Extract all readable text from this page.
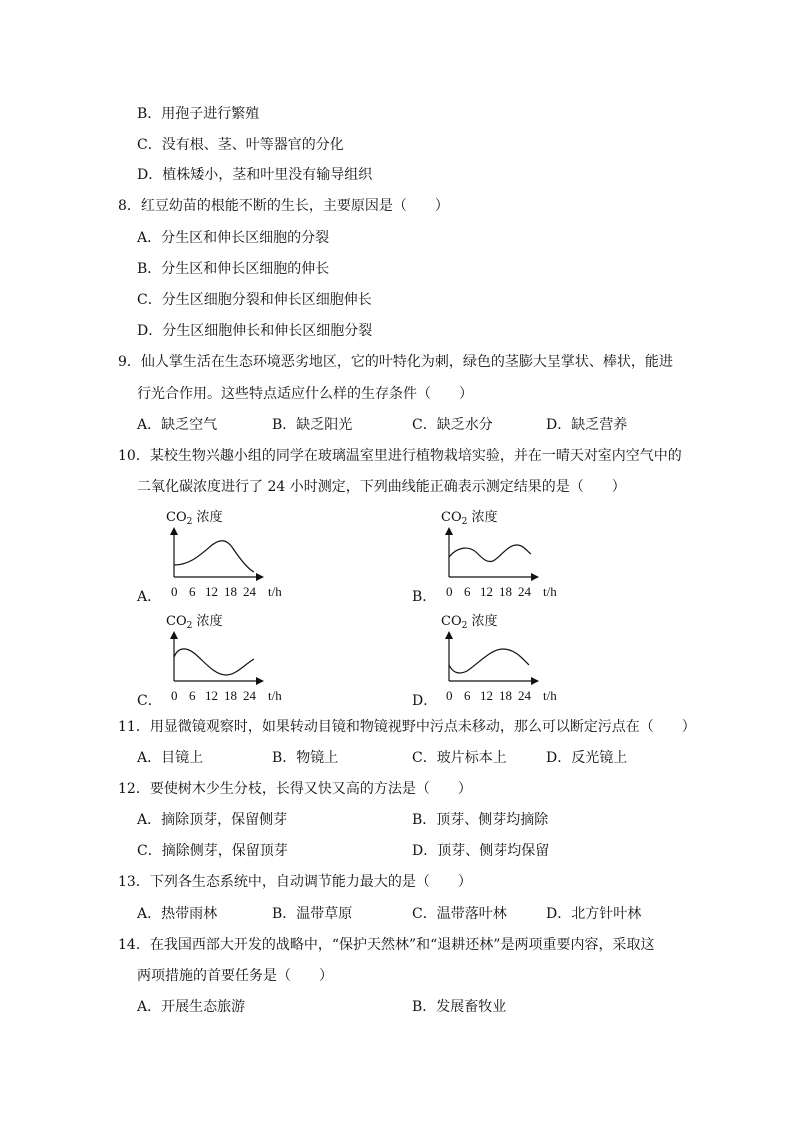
B．用孢子进行繁殖
C．没有根、茎、叶等器官的分化
D．植株矮小，茎和叶里没有输导组织
8．红豆幼苗的根能不断的生长，主要原因是（　　）
A．分生区和伸长区细胞的分裂
B．分生区和伸长区细胞的伸长
C．分生区细胞分裂和伸长区细胞伸长
D．分生区细胞伸长和伸长区细胞分裂
9．仙人掌生活在生态环境恶劣地区，它的叶特化为刺，绿色的茎膨大呈掌状、棒状，能进
行光合作用。这些特点适应什么样的生存条件（　　）
A．缺乏空气	B．缺乏阳光	C．缺乏水分	D．缺乏营养
10．某校生物兴趣小组的同学在玻璃温室里进行植物栽培实验，并在一晴天对室内空气中的
二氧化碳浓度进行了 24 小时测定，下列曲线能正确表示测定结果的是（　　）
A．
$CO_2$ 浓度
0 6 12 18 24 t/h	B．
$CO_2$ 浓度
0 6 12 18 24 t/h
C．
$CO_2$ 浓度
0 6 12 18 24 t/h	D．
$CO_2$ 浓度
0 6 12 18 24 t/h
11．用显微镜观察时，如果转动目镜和物镜视野中污点未移动，那么可以断定污点在（　　）
A．目镜上	B．物镜上	C．玻片标本上	D．反光镜上
12．要使树木少生分枝，长得又快又高的方法是（　　）
A．摘除顶芽，保留侧芽	B．顶芽、侧芽均摘除
C．摘除侧芽，保留顶芽	D．顶芽、侧芽均保留
13．下列各生态系统中，自动调节能力最大的是（　　）
A．热带雨林	B．温带草原	C．温带落叶林	D．北方针叶林
14．在我国西部大开发的战略中，“保护天然林”和“退耕还林”是两项重要内容，采取这
两项措施的首要任务是（　　）
A．开展生态旅游	B．发展畜牧业
